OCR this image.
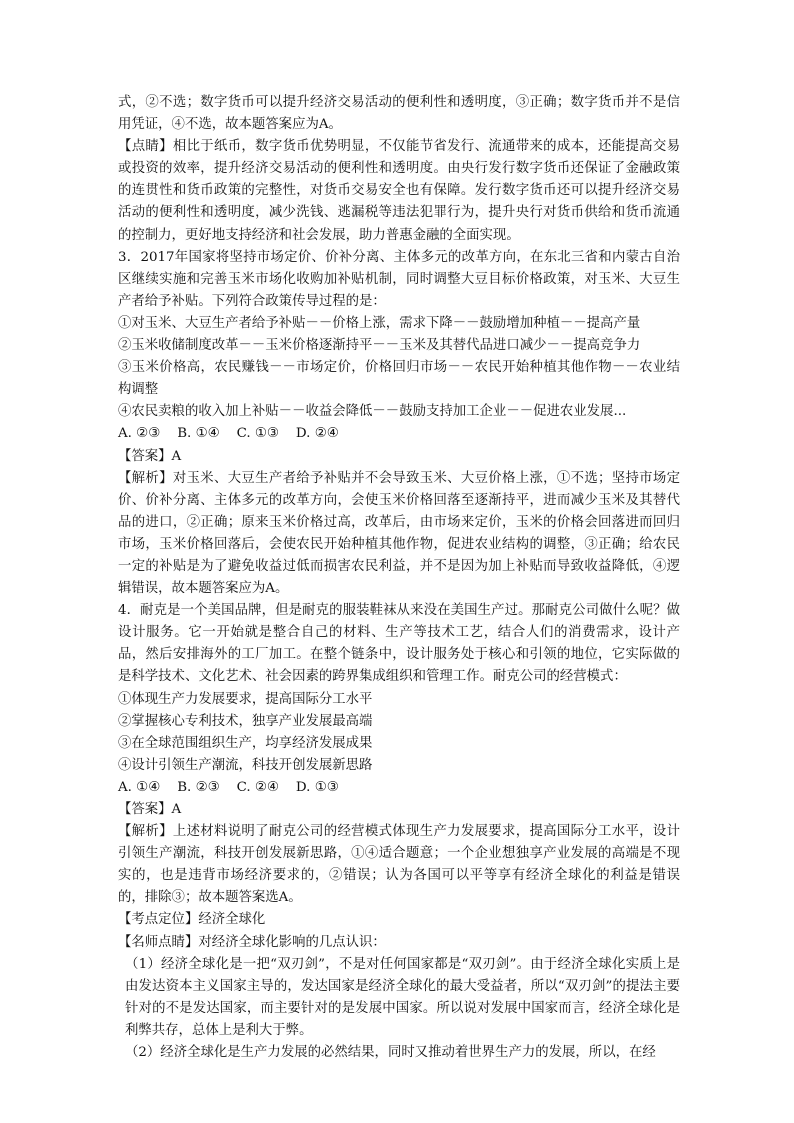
式，②不选；数字货币可以提升经济交易活动的便利性和透明度，③正确；数字货币并不是信用凭证，④不选，故本题答案应为A。

【点睛】相比于纸币，数字货币优势明显，不仅能节省发行、流通带来的成本，还能提高交易或投资的效率，提升经济交易活动的便利性和透明度。由央行发行数字货币还保证了金融政策的连贯性和货币政策的完整性，对货币交易安全也有保障。发行数字货币还可以提升经济交易活动的便利性和透明度，减少洗钱、逃漏税等违法犯罪行为，提升央行对货币供给和货币流通的控制力，更好地支持经济和社会发展，助力普惠金融的全面实现。

3．2017年国家将坚持市场定价、价补分离、主体多元的改革方向，在东北三省和内蒙古自治区继续实施和完善玉米市场化收购加补贴机制，同时调整大豆目标价格政策，对玉米、大豆生产者给予补贴。下列符合政策传导过程的是：

①对玉米、大豆生产者给予补贴－－价格上涨，需求下降－－鼓励增加种植－－提高产量

②玉米收储制度改革－－玉米价格逐渐持平－－玉米及其替代品进口减少－－提高竞争力

③玉米价格高，农民赚钱－－市场定价，价格回归市场－－农民开始种植其他作物－－农业结构调整

④农民卖粮的收入加上补贴－－收益会降低－－鼓励支持加工企业－－促进农业发展...

A. ②③    B. ①④    C. ①③    D. ②④

【答案】A

【解析】对玉米、大豆生产者给予补贴并不会导致玉米、大豆价格上涨，①不选；坚持市场定价、价补分离、主体多元的改革方向，会使玉米价格回落至逐渐持平，进而减少玉米及其替代品的进口，②正确；原来玉米价格过高，改革后，由市场来定价，玉米的价格会回落进而回归市场，玉米价格回落后，会使农民开始种植其他作物，促进农业结构的调整，③正确；给农民一定的补贴是为了避免收益过低而损害农民利益，并不是因为加上补贴而导致收益降低，④逻辑错误，故本题答案应为A。

4．耐克是一个美国品牌，但是耐克的服装鞋袜从来没在美国生产过。那耐克公司做什么呢？做设计服务。它一开始就是整合自己的材料、生产等技术工艺，结合人们的消费需求，设计产品，然后安排海外的工厂加工。在整个链条中，设计服务处于核心和引领的地位，它实际做的是科学技术、文化艺术、社会因素的跨界集成组织和管理工作。耐克公司的经营模式：

①体现生产力发展要求，提高国际分工水平

②掌握核心专利技术，独享产业发展最高端

③在全球范围组织生产，均享经济发展成果

④设计引领生产潮流，科技开创发展新思路

A. ①④    B. ②③    C. ②④    D. ①③

【答案】A

【解析】上述材料说明了耐克公司的经营模式体现生产力发展要求，提高国际分工水平，设计引领生产潮流，科技开创发展新思路，①④适合题意；一个企业想独享产业发展的高端是不现实的，也是违背市场经济要求的，②错误；认为各国可以平等享有经济全球化的利益是错误的，排除③；故本题答案选A。

【考点定位】经济全球化

【名师点睛】对经济全球化影响的几点认识：

（1）经济全球化是一把“双刃剑”，不是对任何国家都是“双刃剑”。由于经济全球化实质上是由发达资本主义国家主导的，发达国家是经济全球化的最大受益者，所以“双刃剑”的提法主要针对的不是发达国家，而主要针对的是发展中国家。所以说对发展中国家而言，经济全球化是利弊共存，总体上是利大于弊。

（2）经济全球化是生产力发展的必然结果，同时又推动着世界生产力的发展，所以，在经
